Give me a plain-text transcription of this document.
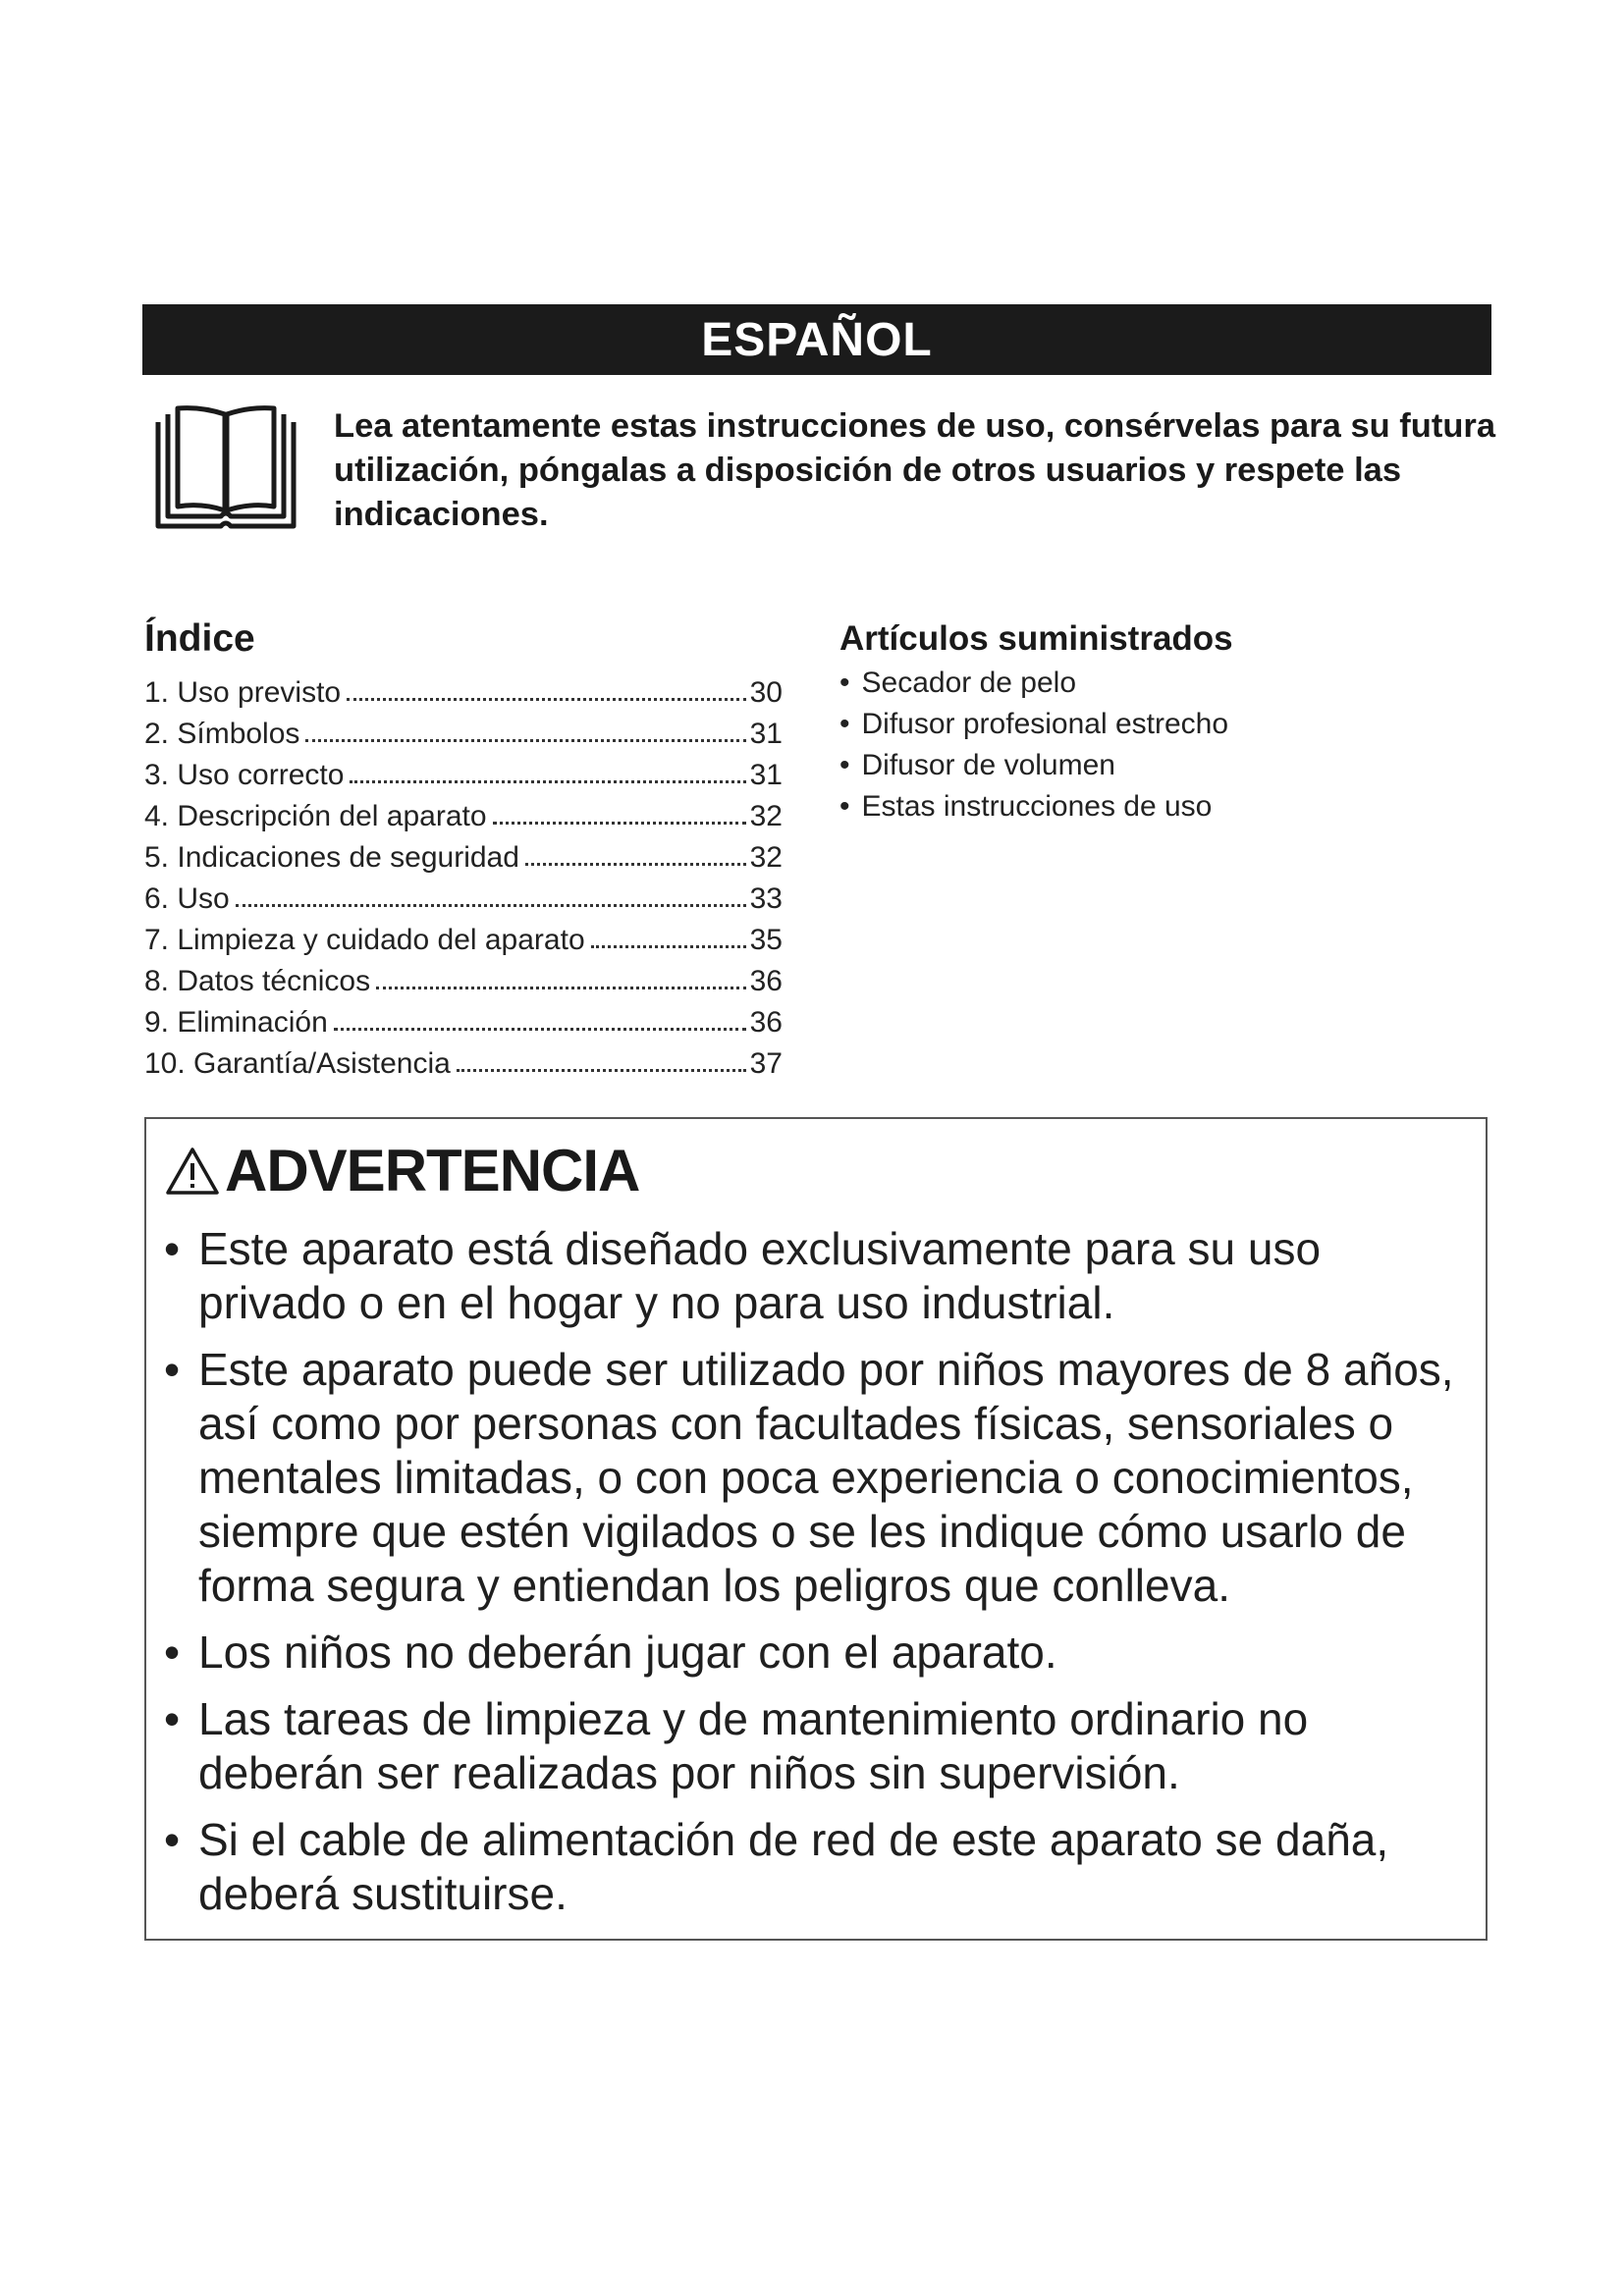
ESPAÑOL
Lea atentamente estas instrucciones de uso, consérvelas para su futura utilización, póngalas a disposición de otros usuarios y respete las indicaciones.
Índice
1. Uso previsto	30
2. Símbolos	31
3. Uso correcto	31
4. Descripción del aparato	32
5. Indicaciones de seguridad	32
6. Uso	33
7. Limpieza y cuidado del aparato	35
8. Datos técnicos	36
9. Eliminación	36
10. Garantía/Asistencia	37
Artículos suministrados
• Secador de pelo
• Difusor profesional estrecho
• Difusor de volumen
• Estas instrucciones de uso
ADVERTENCIA
• Este aparato está diseñado exclusivamente para su uso privado o en el hogar y no para uso industrial.
• Este aparato puede ser utilizado por niños mayores de 8 años, así como por personas con facultades físicas, sensoriales o mentales limitadas, o con poca experiencia o conocimientos, siempre que estén vigilados o se les indique cómo usarlo de forma segura y entiendan los peligros que conlleva.
• Los niños no deberán jugar con el aparato.
• Las tareas de limpieza y de mantenimiento ordinario no deberán ser realizadas por niños sin supervisión.
• Si el cable de alimentación de red de este aparato se daña, deberá sustituirse.
